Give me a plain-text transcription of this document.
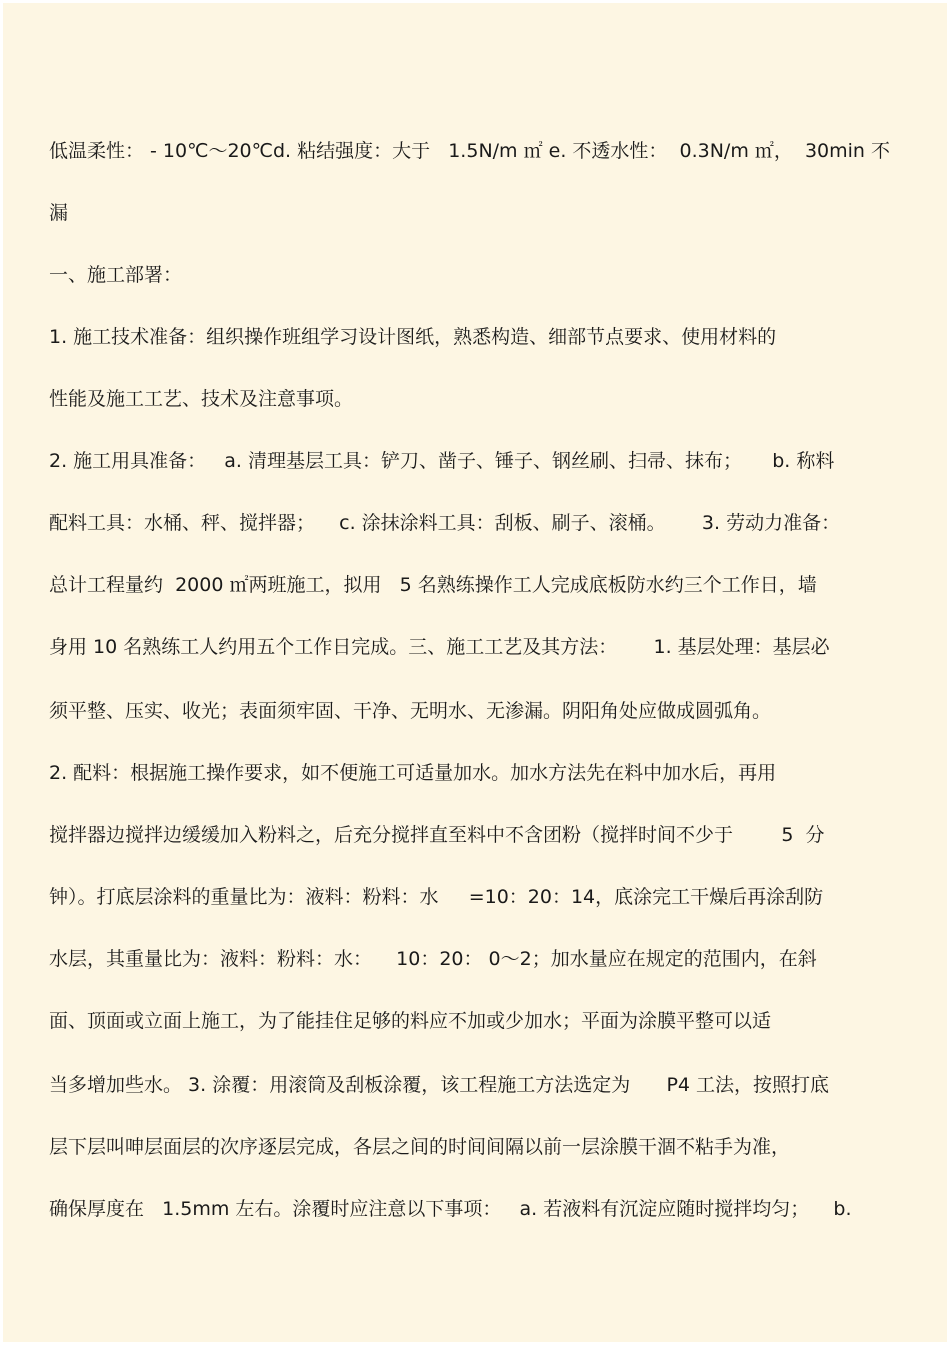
低温柔性： - 10℃～20℃d. 粘结强度：大于   1.5N/m ㎡ e. 不透水性：  0.3N/m ㎡，  30min 不
漏
一、施工部署：
1. 施工技术准备：组织操作班组学习设计图纸，熟悉构造、细部节点要求、使用材料的
性能及施工工艺、技术及注意事项。
2. 施工用具准备：   a. 清理基层工具：铲刀、凿子、锤子、钢丝刷、扫帚、抹布；     b. 称料
配料工具：水桶、秤、搅拌器；    c. 涂抹涂料工具：刮板、刷子、滚桶。      3. 劳动力准备：
总计工程量约  2000 ㎡两班施工，拟用   5 名熟练操作工人完成底板防水约三个工作日，墙
身用 10 名熟练工人约用五个工作日完成。三、施工工艺及其方法：      1. 基层处理：基层必
须平整、压实、收光；表面须牢固、干净、无明水、无渗漏。阴阳角处应做成圆弧角。
2. 配料：根据施工操作要求，如不便施工可适量加水。加水方法先在料中加水后，再用
搅拌器边搅拌边缓缓加入粉料之，后充分搅拌直至料中不含团粉（搅拌时间不少于        5  分
钟）。打底层涂料的重量比为：液料：粉料：水     =10：20：14，底涂完工干燥后再涂刮防
水层，其重量比为：液料：粉料：水：    10：20： 0～2；加水量应在规定的范围内，在斜
面、顶面或立面上施工，为了能挂住足够的料应不加或少加水；平面为涂膜平整可以适
当多增加些水。 3. 涂覆：用滚筒及刮板涂覆，该工程施工方法选定为      P4 工法，按照打底
层下层叫呻层面层的次序逐层完成，各层之间的时间间隔以前一层涂膜干涸不粘手为准，
确保厚度在   1.5mm 左右。涂覆时应注意以下事项：   a. 若液料有沉淀应随时搅拌均匀；    b.
